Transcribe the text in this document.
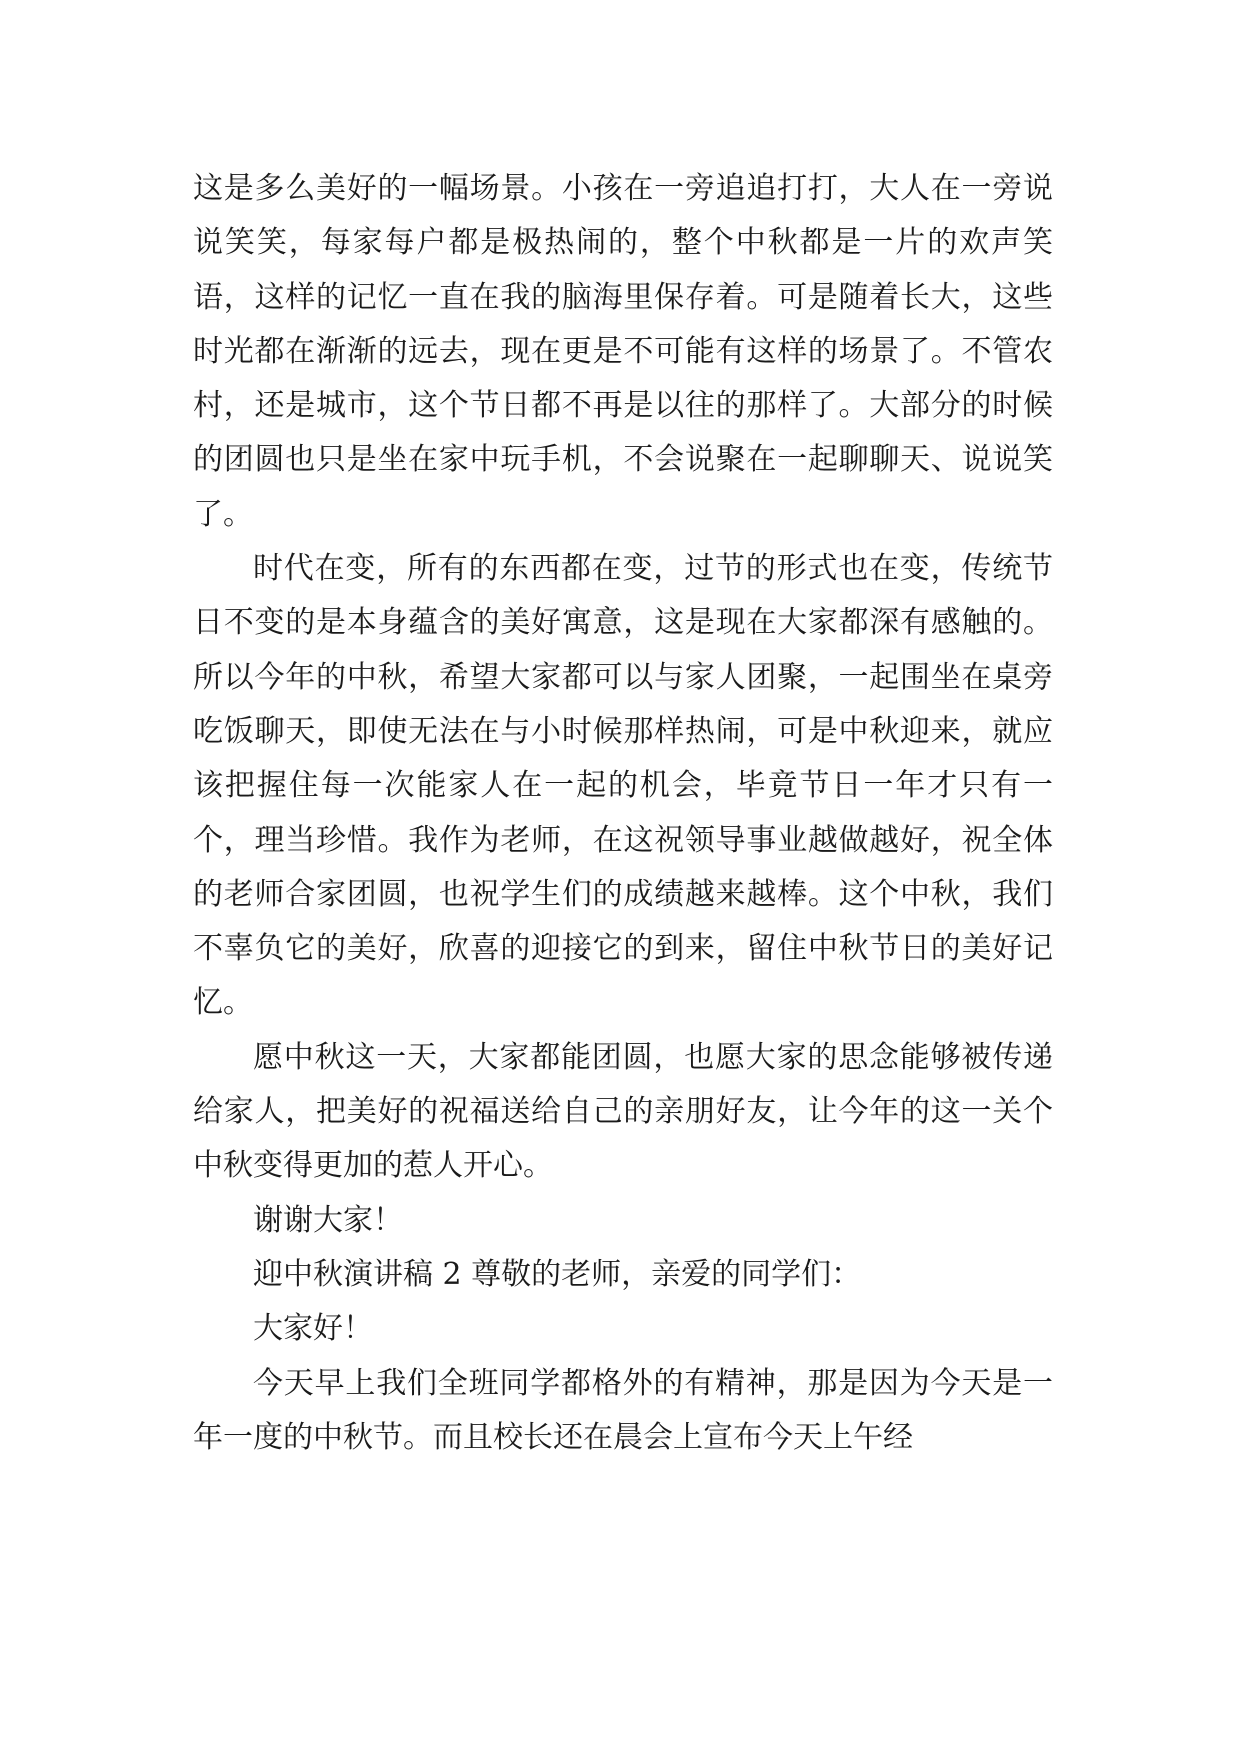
这是多么美好的一幅场景。小孩在一旁追追打打，大人在一旁说说笑笑，每家每户都是极热闹的，整个中秋都是一片的欢声笑语，这样的记忆一直在我的脑海里保存着。可是随着长大，这些时光都在渐渐的远去，现在更是不可能有这样的场景了。不管农村，还是城市，这个节日都不再是以往的那样了。大部分的时候的团圆也只是坐在家中玩手机，不会说聚在一起聊聊天、说说笑了。

时代在变，所有的东西都在变，过节的形式也在变，传统节日不变的是本身蕴含的美好寓意，这是现在大家都深有感触的。所以今年的中秋，希望大家都可以与家人团聚，一起围坐在桌旁吃饭聊天，即使无法在与小时候那样热闹，可是中秋迎来，就应该把握住每一次能家人在一起的机会，毕竟节日一年才只有一个，理当珍惜。我作为老师，在这祝领导事业越做越好，祝全体的老师合家团圆，也祝学生们的成绩越来越棒。这个中秋，我们不辜负它的美好，欣喜的迎接它的到来，留住中秋节日的美好记忆。

愿中秋这一天，大家都能团圆，也愿大家的思念能够被传递给家人，把美好的祝福送给自己的亲朋好友，让今年的这一关个中秋变得更加的惹人开心。

谢谢大家！

迎中秋演讲稿 2 尊敬的老师，亲爱的同学们：

大家好！

今天早上我们全班同学都格外的有精神，那是因为今天是一年一度的中秋节。而且校长还在晨会上宣布今天上午经
